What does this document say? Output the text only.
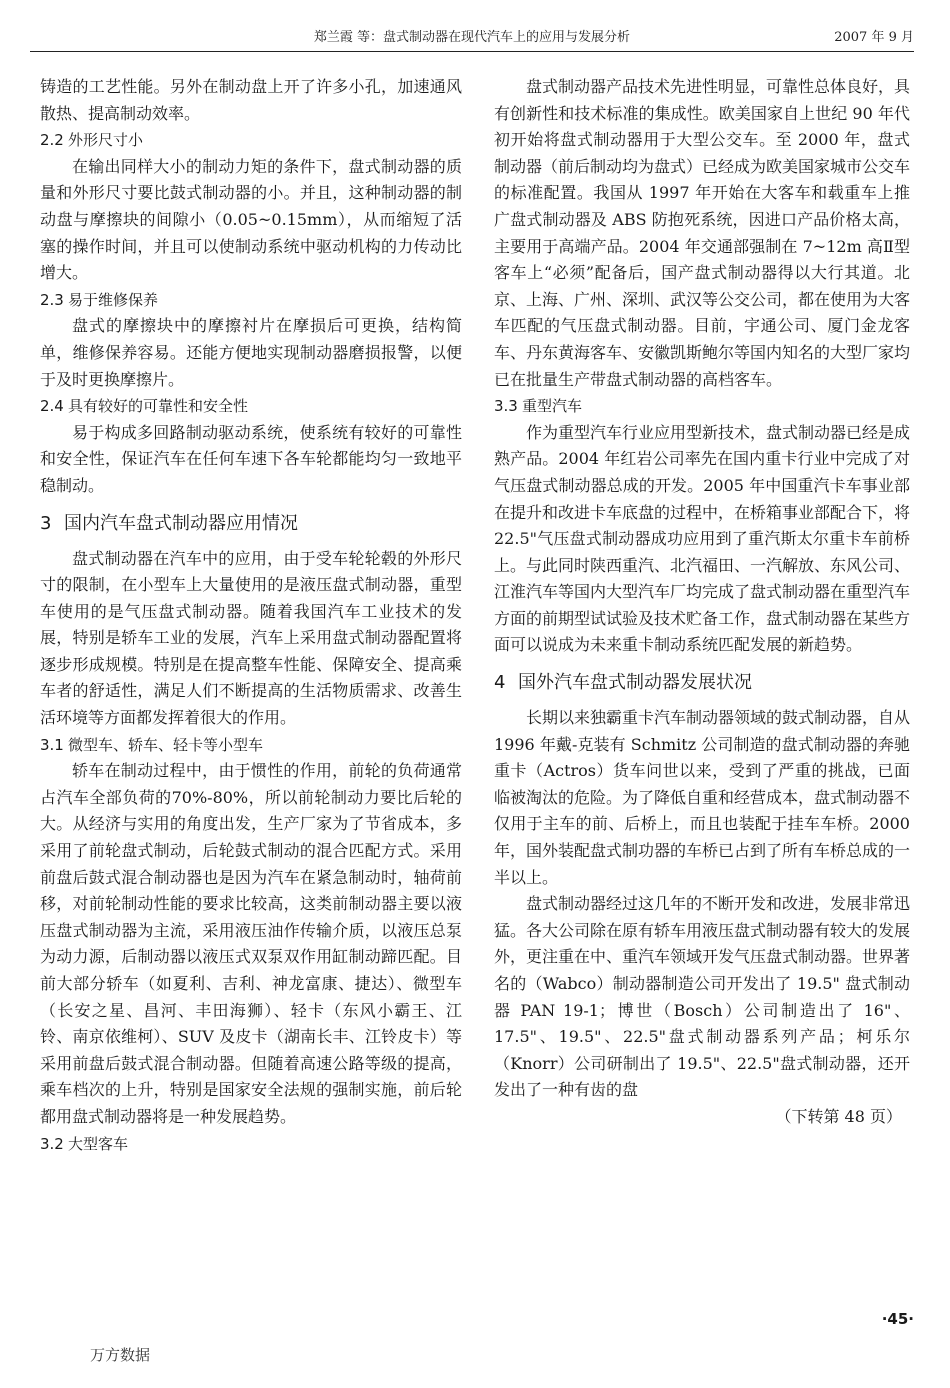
郑兰霞 等：盘式制动器在现代汽车上的应用与发展分析	2007 年 9 月

铸造的工艺性能。另外在制动盘上开了许多小孔，加速通风散热、提高制动效率。

2.2 外形尺寸小

在输出同样大小的制动力矩的条件下，盘式制动器的质量和外形尺寸要比鼓式制动器的小。并且，这种制动器的制动盘与摩擦块的间隙小（0.05~0.15mm），从而缩短了活塞的操作时间，并且可以使制动系统中驱动机构的力传动比增大。

2.3 易于维修保养

盘式的摩擦块中的摩擦衬片在摩损后可更换，结构简单，维修保养容易。还能方便地实现制动器磨损报警，以便于及时更换摩擦片。

2.4 具有较好的可靠性和安全性

易于构成多回路制动驱动系统，使系统有较好的可靠性和安全性，保证汽车在任何车速下各车轮都能均匀一致地平稳制动。

3 国内汽车盘式制动器应用情况

盘式制动器在汽车中的应用，由于受车轮轮毂的外形尺寸的限制，在小型车上大量使用的是液压盘式制动器，重型车使用的是气压盘式制动器。随着我国汽车工业技术的发展，特别是轿车工业的发展，汽车上采用盘式制动器配置将逐步形成规模。特别是在提高整车性能、保障安全、提高乘车者的舒适性，满足人们不断提高的生活物质需求、改善生活环境等方面都发挥着很大的作用。

3.1 微型车、轿车、轻卡等小型车

轿车在制动过程中，由于惯性的作用，前轮的负荷通常占汽车全部负荷的70%-80%，所以前轮制动力要比后轮的大。从经济与实用的角度出发，生产厂家为了节省成本，多采用了前轮盘式制动，后轮鼓式制动的混合匹配方式。采用前盘后鼓式混合制动器也是因为汽车在紧急制动时，轴荷前移，对前轮制动性能的要求比较高，这类前制动器主要以液压盘式制动器为主流，采用液压油作传输介质，以液压总泵为动力源，后制动器以液压式双泵双作用缸制动蹄匹配。目前大部分轿车（如夏利、吉利、神龙富康、捷达）、微型车（长安之星、昌河、丰田海狮）、轻卡（东风小霸王、江铃、南京依维柯）、SUV 及皮卡（湖南长丰、江铃皮卡）等采用前盘后鼓式混合制动器。但随着高速公路等级的提高，乘车档次的上升，特别是国家安全法规的强制实施，前后轮都用盘式制动器将是一种发展趋势。

3.2 大型客车

盘式制动器产品技术先进性明显，可靠性总体良好，具有创新性和技术标准的集成性。欧美国家自上世纪 90 年代初开始将盘式制动器用于大型公交车。至 2000 年，盘式制动器（前后制动均为盘式）已经成为欧美国家城市公交车的标准配置。我国从 1997 年开始在大客车和载重车上推广盘式制动器及 ABS 防抱死系统，因进口产品价格太高，主要用于高端产品。2004 年交通部强制在 7~12m 高Ⅱ型客车上“必须”配备后，国产盘式制动器得以大行其道。北京、上海、广州、深圳、武汉等公交公司，都在使用为大客车匹配的气压盘式制动器。目前，宇通公司、厦门金龙客车、丹东黄海客车、安徽凯斯鲍尔等国内知名的大型厂家均已在批量生产带盘式制动器的高档客车。

3.3 重型汽车

作为重型汽车行业应用型新技术，盘式制动器已经是成熟产品。2004 年红岩公司率先在国内重卡行业中完成了对气压盘式制动器总成的开发。2005 年中国重汽卡车事业部在提升和改进卡车底盘的过程中，在桥箱事业部配合下，将 22.5"气压盘式制动器成功应用到了重汽斯太尔重卡车前桥上。与此同时陕西重汽、北汽福田、一汽解放、东风公司、江淮汽车等国内大型汽车厂均完成了盘式制动器在重型汽车方面的前期型试试验及技术贮备工作，盘式制动器在某些方面可以说成为未来重卡制动系统匹配发展的新趋势。

4 国外汽车盘式制动器发展状况

长期以来独霸重卡汽车制动器领域的鼓式制动器，自从 1996 年戴-克装有 Schmitz 公司制造的盘式制动器的奔驰重卡（Actros）货车问世以来，受到了严重的挑战，已面临被淘汰的危险。为了降低自重和经营成本，盘式制动器不仅用于主车的前、后桥上，而且也装配于挂车车桥。2000 年，国外装配盘式制功器的车桥已占到了所有车桥总成的一半以上。

盘式制动器经过这几年的不断开发和改进，发展非常迅猛。各大公司除在原有轿车用液压盘式制动器有较大的发展外，更注重在中、重汽车领域开发气压盘式制动器。世界著名的（Wabco）制动器制造公司开发出了 19.5" 盘式制动器 PAN 19-1；博世（Bosch）公司制造出了 16"、17.5"、19.5"、22.5"盘式制动器系列产品；柯乐尔（Knorr）公司研制出了 19.5"、22.5"盘式制动器，还开发出了一种有齿的盘

（下转第 48 页）
·45·
万方数据
